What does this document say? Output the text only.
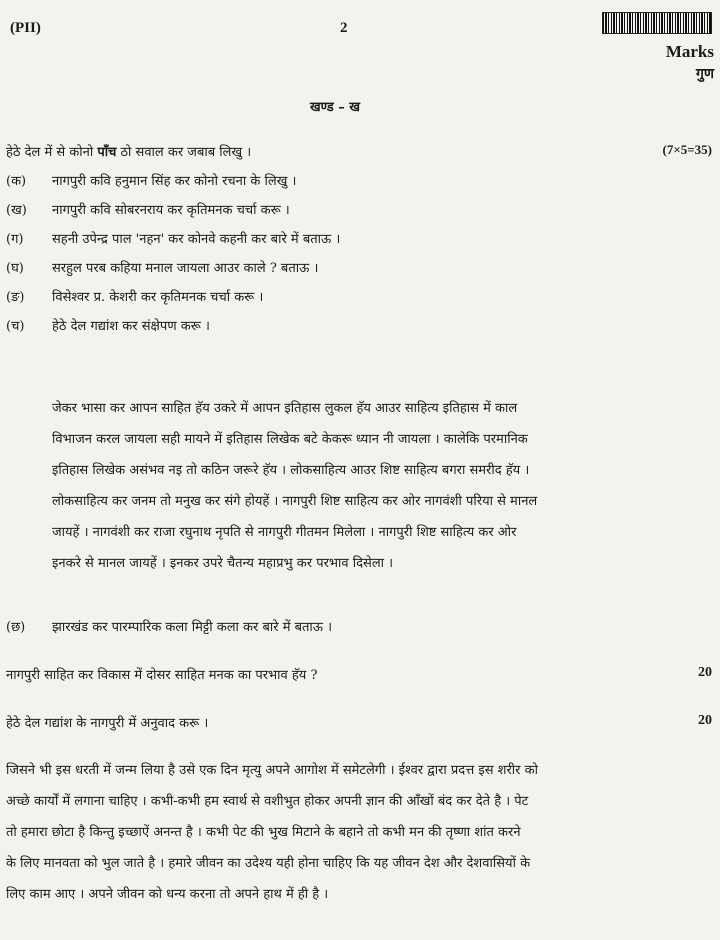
(PII)	2
Marks
गुण
खण्ड – ख
हेठे देल में से कोनो पाँच ठो सवाल कर जबाब लिखु ।	(7×5=35)
(क)	नागपुरी कवि हनुमान सिंह कर कोनो रचना के लिखु ।
(ख)	नागपुरी कवि सोबरनराय कर कृतिमनक चर्चा करू ।
(ग)	सहनी उपेन्द्र पाल 'नहन' कर कोनवे कहनी कर बारे में बताऊ ।
(घ)	सरहुल परब कहिया मनाल जायला आउर काले ? बताऊ ।
(ङ)	विसेश्वर प्र. केशरी कर कृतिमनक चर्चा करू ।
(च)	हेठे देल गद्यांश कर संक्षेपण करू ।

जेकर भासा कर आपन साहित हॅय उकरे में आपन इतिहास लुकल हॅय आउर साहित्य इतिहास में काल

विभाजन करल जायला सही मायने में इतिहास लिखेक बटे केकरू ध्यान नी जायला । कालेकि परमानिक

इतिहास लिखेक असंभव नइ तो कठिन जरूरे हॅय । लोकसाहित्य आउर शिष्ट साहित्य बगरा समरीद हॅय ।

लोकसाहित्य कर जनम तो मनुख कर संगे होयहें । नागपुरी शिष्ट साहित्य कर ओर नागवंशी परिया से मानल

जायहें । नागवंशी कर राजा रघुनाथ नृपति से नागपुरी गीतमन मिलेला । नागपुरी शिष्ट साहित्य कर ओर

इनकरे से मानल जायहें । इनकर उपरे चैतन्य महाप्रभु कर परभाव दिसेला ।

(छ)	झारखंड कर पारम्पारिक कला मिट्टी कला कर बारे में बताऊ ।
नागपुरी साहित कर विकास में दोसर साहित मनक का परभाव हॅय ?	20
हेठे देल गद्यांश के नागपुरी में अनुवाद करू ।	20

जिसने भी इस धरती में जन्म लिया है उसे एक दिन मृत्यु अपने आगोश में समेटलेगी । ईश्वर द्वारा प्रदत्त इस शरीर को

अच्छे कार्यों में लगाना चाहिए । कभी-कभी हम स्वार्थ से वशीभुत होकर अपनी ज्ञान की आँखों बंद कर देते है । पेट

तो हमारा छोटा है किन्तु इच्छाऐं अनन्त है । कभी पेट की भुख मिटाने के बहाने तो कभी मन की तृष्णा शांत करने

के लिए मानवता को भुल जाते है । हमारे जीवन का उदेश्य यही होना चाहिए कि यह जीवन देश और देशवासियों के

लिए काम आए । अपने जीवन को धन्य करना तो अपने हाथ में ही है ।
